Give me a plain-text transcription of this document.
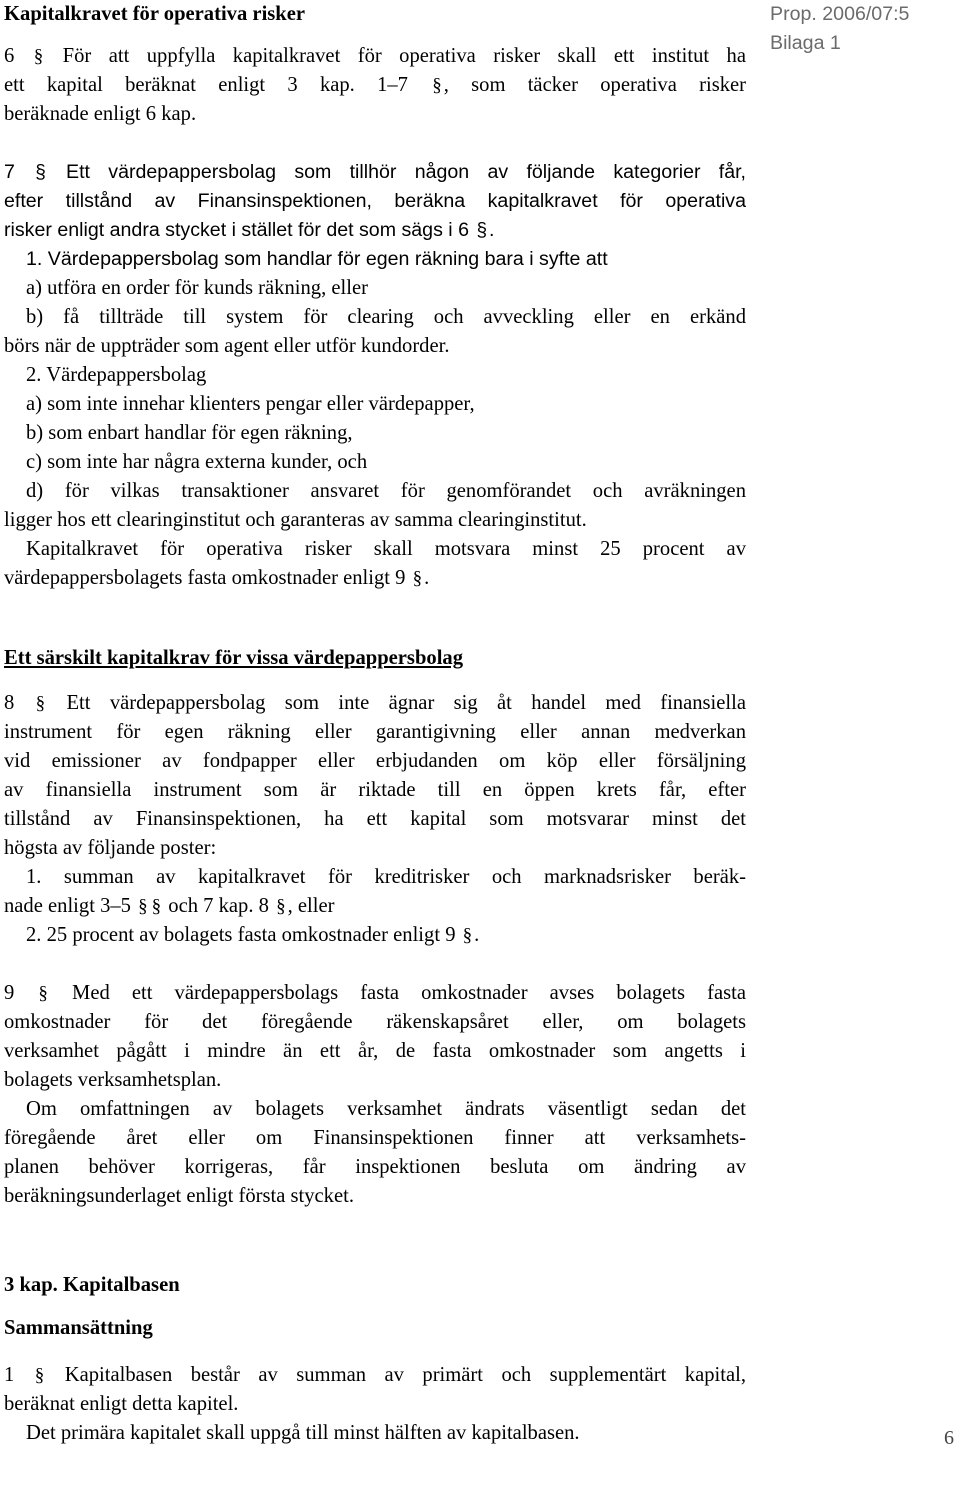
Kapitalkravet för operativa risker
6 § För att uppfylla kapitalkravet för operativa risker skall ett institut ha
ett kapital beräknat enligt 3 kap. 1–7 §, som täcker operativa risker
beräknade enligt 6 kap.
7 § Ett värdepappersbolag som tillhör någon av följande kategorier får,
efter tillstånd av Finansinspektionen, beräkna kapitalkravet för operativa
risker enligt andra stycket i stället för det som sägs i 6 § .
1. Värdepappersbolag som handlar för egen räkning bara i syfte att
a) utföra en order för kunds räkning, eller
b) få tillträde till system för clearing och avveckling eller en erkänd
börs när de uppträder som agent eller utför kundorder.
2. Värdepappersbolag
a) som inte innehar klienters pengar eller värdepapper,
b) som enbart handlar för egen räkning,
c) som inte har några externa kunder, och
d) för vilkas transaktioner ansvaret för genomförandet och avräkningen
ligger hos ett clearinginstitut och garanteras av samma clearinginstitut.
Kapitalkravet för operativa risker skall motsvara minst 25 procent av
värdepappersbolagets fasta omkostnader enligt 9 §.
Ett särskilt kapitalkrav för vissa värdepappersbolag
8 § Ett värdepappersbolag som inte ägnar sig åt handel med finansiella
instrument för egen räkning eller garantigivning eller annan medverkan
vid emissioner av fondpapper eller erbjudanden om köp eller försäljning
av finansiella instrument som är riktade till en öppen krets får, efter
tillstånd av Finansinspektionen, ha ett kapital som motsvarar minst det
högsta av följande poster:
1. summan av kapitalkravet för kreditrisker och marknadsrisker beräk-
nade enligt 3–5 § § och 7 kap. 8 §, eller
2. 25 procent av bolagets fasta omkostnader enligt 9 §.
9 § Med ett värdepappersbolags fasta omkostnader avses bolagets fasta
omkostnader för det föregående räkenskapsåret eller, om bolagets
verksamhet pågått i mindre än ett år, de fasta omkostnader som angetts i
bolagets verksamhetsplan.
Om omfattningen av bolagets verksamhet ändrats väsentligt sedan det
föregående året eller om Finansinspektionen finner att verksamhets-
planen behöver korrigeras, får inspektionen besluta om ändring av
beräkningsunderlaget enligt första stycket.
3 kap. Kapitalbasen
Sammansättning
1 § Kapitalbasen består av summan av primärt och supplementärt kapital,
beräknat enligt detta kapitel.
Det primära kapitalet skall uppgå till minst hälften av kapitalbasen.
Prop. 2006/07:5
Bilaga 1
6
